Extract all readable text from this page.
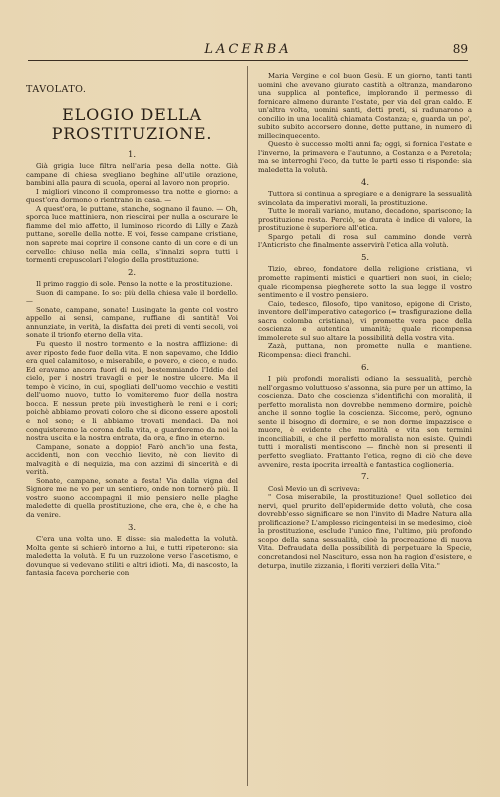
LACERBA	89
TAVOLATO.
ELOGIO DELLA
PROSTITUZIONE.
1.

Già grigia luce filtra nell'aria pesa della notte. Già campane di chiesa svegliano beghine all'utile orazione, bambini alla paura di scuola, operai al lavoro non proprio.

I migliori vincono il compromesso tra notte e giorno: a quest'ora dormono o rientrano in casa. —

A quest'ora, le puttane, stanche, sognano il fauno. — Oh, sporca luce mattiniera, non riescirai per nulla a oscurare le fiamme del mio affetto, il luminoso ricordo di Lilly e Zazà puttane, sorelle della notte. E voi, fesse campane cristiane, non saprete mai coprire il consone canto di un core e di un cervello: chiuso nella mia cella, s'innalzi sopra tutti i tormenti crepuscolari l'elogio della prostituzione.

2.

Il primo raggio di sole. Penso la notte e la prostituzione.

Suon di campane. Io so: più della chiesa vale il bordello. —

Sonate, campane, sonate! Lusingate la gente col vostro appello ai sensi, campane, ruffiane di santità! Voi annunziate, in verità, la disfatta dei preti di venti secoli, voi sonate il trionfo eterno della vita.

Fu questo il nostro tormento e la nostra afflizione: di aver riposto fede fuor della vita. E non sapevamo, che Iddio era quel calamitoso, e miserabile, e povero, e cieco, e nudo. Ed eravamo ancora fuori di noi, bestemmiando l'Iddio del cielo, per i nostri travagli e per le nostre ulcere. Ma il tempo è vicino, in cui, spogliati dell'uomo vecchio e vestiti dell'uomo nuovo, tutto lo vomiteremo fuor della nostra bocca. E nessun prete più investigherà le reni e i cori; poichè abbiamo provati coloro che si dicono essere apostoli e nol sono; e li abbiamo trovati mendaci. Da noi conquisteremo la corona della vita, e guarderemo da noi la nostra uscita e la nostra entrata, da ora, e fino in eterno.

Campane, sonate a doppio! Farò anch'io una festa, accidenti, non con vecchio lievito, nè con lievito di malvagità e di nequizia, ma con azzimi di sincerità e di verità.

Sonate, campane, sonate a festa! Via dalla vigna del Signore me ne vo per un sentiero, onde non tornerò più. Il vostro suono accompagni il mio pensiero nelle plaghe maledette di quella prostituzione, che era, che è, e che ha da venire.

3.

C'era una volta uno. E disse: sia maledetta la volutà. Molta gente si schierò intorno a lui, e tutti ripeterono: sia maledetta la volutà. E fu un ruzzolone verso l'ascetismo, e dovunque si vedevano stiliti e altri idioti. Ma, di nascosto, la fantasia faceva porcherie con

Maria Vergine e col buon Gesù. E un giorno, tanti tanti uomini che avevano giurato castità a oltranza, mandarono una supplica al pontefice, implorando il permesso di fornicare almeno durante l'estate, per via del gran caldo. E un'altra volta, uomini santi, detti preti, si radunarono a concilio in una località chiamata Costanza; e, guarda un po', subito subito accorsero donne, dette puttane, in numero di millecinquecento.

Questo è successo molti anni fa; oggi, si fornica l'estate e l'inverno, la primavera e l'autunno, a Costanza e a Peretola; ma se interroghi l'eco, da tutte le parti esso ti risponde: sia maledetta la volutà.

4.

Tuttora si continua a spregiare e a denigrare la sessualità svincolata da imperativi morali, la prostituzione.

Tutte le morali variano, mutano, decadono, spariscono; la prostituzione resta. Perciò, se durata è indice di valore, la prostituzione è superiore all'etica.

Spargo petali di rosa sul cammino donde verrà l'Anticristo che finalmente asservirà l'etica alla volutà.

5.

Tizio, ebreo, fondatore della religione cristiana, vi promette rapimenti mistici e quartieri non suoi, in cielo; quale ricompensa piegherete sotto la sua legge il vostro sentimento e il vostro pensiero.

Caio, tedesco, filosofo, tipo vanitoso, epigone di Cristo, inventore dell'imperativo categorico (= trasfigurazione della sacra colomba cristiana), vi promette vera pace della coscienza e autentica umanità; quale ricompensa immolerete sul suo altare la possibilità della vostra vita.

Zazà, puttana, non promette nulla e mantiene. Ricompensa: dieci franchi.

6.

I più profondi moralisti odiano la sessualità, perchè nell'orgasmo voluttuoso s'assonna, sia pure per un attimo, la coscienza. Dato che coscienza s'identifichi con moralità, il perfetto moralista non dovrebbe nemmeno dormire, poichè anche il sonno toglie la coscienza. Siccome, però, ognuno sente il bisogno di dormire, e se non dorme impazzisce e muore, è evidente che moralità e vita son termini inconciliabili, e che il perfetto moralista non esiste. Quindi tutti i moralisti mentiscono — finchè non si presenti il perfetto svegliato. Frattanto l'etica, regno di ciò che deve avvenire, resta ipocrita irrealtà e fantastica coglioneria.

7.

Così Mevio un dì scriveva:

" Cosa miserabile, la prostituzione! Quel solletico dei nervi, quel prurito dell'epidermide detto volutà, che cosa dovrebb'esso significare se non l'invito di Madre Natura alla prolificazione? L'amplesso ricingenteisi in se medesimo, cioè la prostituzione, esclude l'unico fine, l'ultimo, più profondo scopo della sana sessualità, cioè la procreazione di nuova Vita. Defraudata della possibilità di perpetuare la Specie, concretandosi nel Nascituro, essa non ha ragion d'esistere, e deturpa, inutile zizzania, i floriti verzieri della Vita."
